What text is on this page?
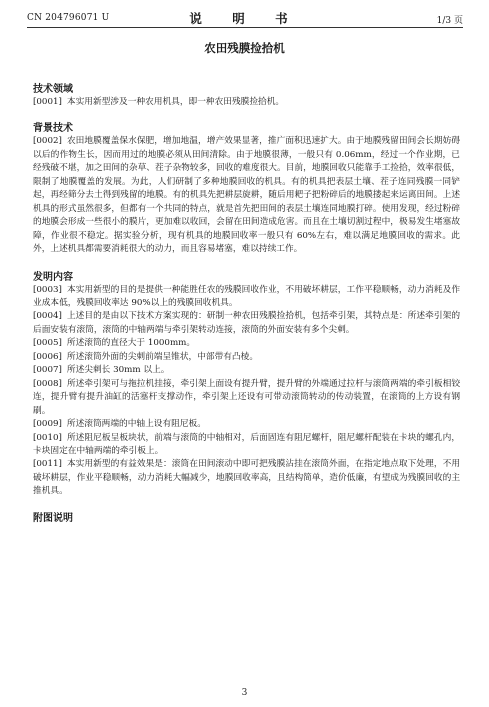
CN 204796071 U	说 明 书	1/3 页
农田残膜捡拾机
技术领域
[0001] 本实用新型涉及一种农用机具，即一种农田残膜捡拾机。
背景技术
[0002] 农田地膜覆盖保水保肥，增加地温，增产效果显著，推广面积迅速扩大。由于地膜残留田间会长期妨碍以后的作物生长，因而用过的地膜必须从田间清除。由于地膜很薄，一般只有 0.06mm，经过一个作业期，已经残破不堪，加之田间的杂草、茬子杂物较多，回收的难度很大。目前，地膜回收只能靠手工捡拾，效率很低，限制了地膜覆盖的发展。为此，人们研制了多种地膜回收的机具。有的机具把表层土壤、茬子连同残膜一同铲起，再经筛分去土得到残留的地膜。有的机具先把耕层旋耕，随后用耙子把粉碎后的地膜搂起来运离田间。上述机具的形式虽然很多，但都有一个共同的特点，就是首先把田间的表层土壤连同地膜打碎。使用发现，经过粉碎的地膜会形成一些很小的膜片，更加难以收回，会留在田间造成危害。而且在土壤切割过程中，极易发生堵塞故障，作业很不稳定。据实验分析，现有机具的地膜回收率一般只有 60%左右，难以满足地膜回收的需求。此外，上述机具都需要消耗很大的动力，而且容易堵塞，难以持续工作。
发明内容
[0003] 本实用新型的目的是提供一种能胜任农的残膜回收作业，不用破坏耕层，工作平稳顺畅，动力消耗及作业成本低，残膜回收率达 90%以上的残膜回收机具。
[0004] 上述目的是由以下技术方案实现的：研制一种农田残膜捡拾机，包括牵引架，其特点是：所述牵引架的后面安装有滚筒，滚筒的中轴两端与牵引架转动连接，滚筒的外面安装有多个尖刺。
[0005] 所述滚筒的直径大于 1000mm。
[0006] 所述滚筒外面的尖刺前端呈锥状，中部带有凸棱。
[0007] 所述尖刺长 30mm 以上。
[0008] 所述牵引架可与拖拉机挂接，牵引架上面设有提升臂，提升臂的外端通过拉杆与滚筒两端的牵引板相铰连，提升臂有提升油缸的活塞杆支撑动作，牵引架上还设有可带动滚筒转动的传动装置，在滚筒的上方设有钢刷。
[0009] 所述滚筒两端的中轴上设有阻尼板。
[0010] 所述阻尼板呈板块状，前端与滚筒的中轴相对，后面固连有阻尼螺杆，阻尼螺杆配装在卡块的螺孔内，卡块固定在中轴两端的牵引板上。
[0011] 本实用新型的有益效果是：滚筒在田间滚动中即可把残膜沾挂在滚筒外面，在指定地点取下处理，不用破坏耕层，作业平稳顺畅，动力消耗大幅减少，地膜回收率高，且结构简单，造价低廉，有望成为残膜回收的主推机具。
附图说明
3
